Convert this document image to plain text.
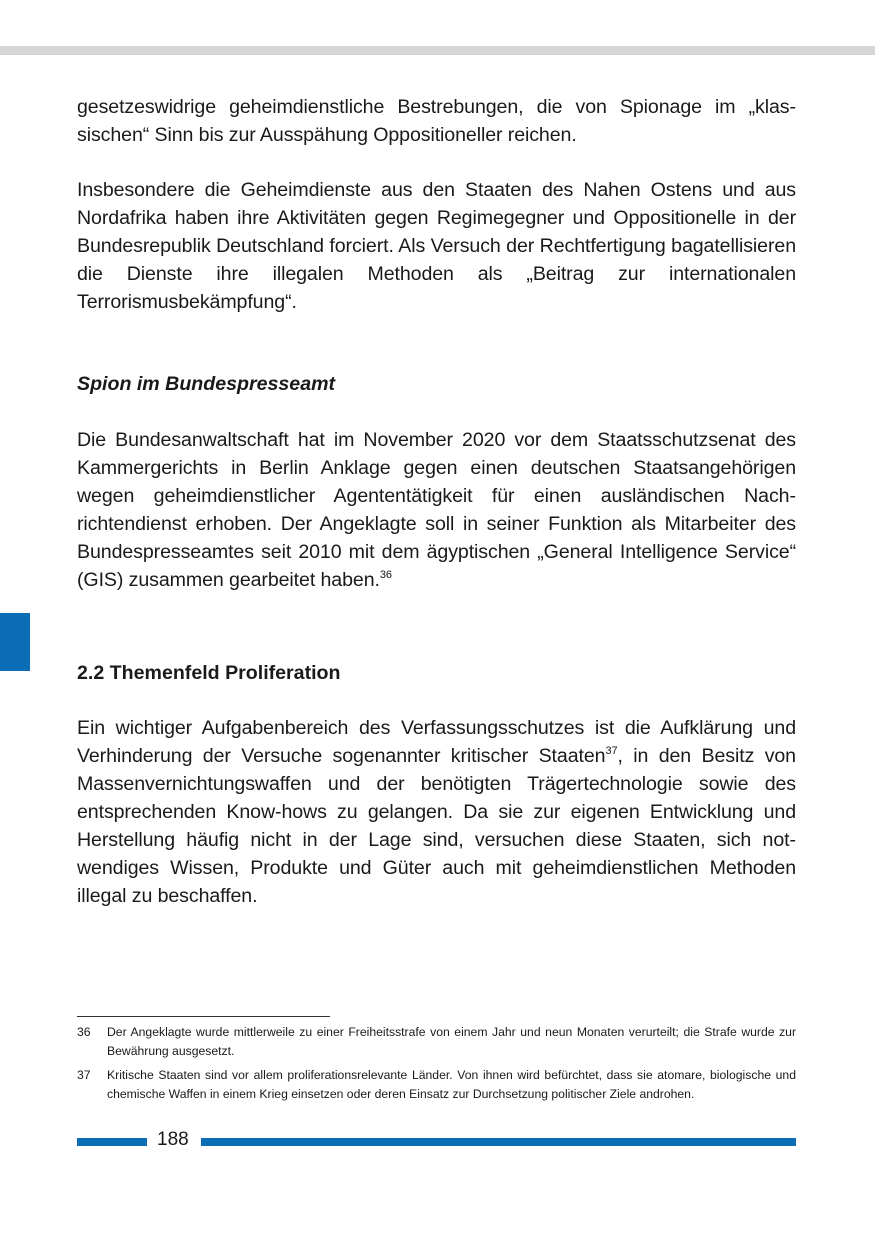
gesetzeswidrige geheimdienstliche Bestrebungen, die von Spionage im „klassischen“ Sinn bis zur Ausspähung Oppositioneller reichen.

Insbesondere die Geheimdienste aus den Staaten des Nahen Ostens und aus Nordafrika haben ihre Aktivitäten gegen Regimegegner und Oppositionelle in der Bundesrepublik Deutschland forciert. Als Versuch der Rechtfertigung bagatellisieren die Dienste ihre illegalen Methoden als „Beitrag zur internationalen Terrorismusbekämpfung“.

Spion im Bundespresseamt

Die Bundesanwaltschaft hat im November 2020 vor dem Staatsschutzsenat des Kammergerichts in Berlin Anklage gegen einen deutschen Staatsangehörigen wegen geheimdienstlicher Agententätigkeit für einen ausländischen Nachrichtendienst erhoben. Der Angeklagte soll in seiner Funktion als Mitarbeiter des Bundespresseamtes seit 2010 mit dem ägyptischen „General Intelligence Service“ (GIS) zusammen gearbeitet haben.$^{36}$

2.2 Themenfeld Proliferation

Ein wichtiger Aufgabenbereich des Verfassungsschutzes ist die Aufklärung und Verhinderung der Versuche sogenannter kritischer Staaten$^{37}$, in den Besitz von Massenvernichtungswaffen und der benötigten Trägertechnologie sowie des entsprechenden Know-hows zu gelangen. Da sie zur eigenen Entwicklung und Herstellung häufig nicht in der Lage sind, versuchen diese Staaten, sich notwendiges Wissen, Produkte und Güter auch mit geheimdienstlichen Methoden illegal zu beschaffen.

36	Der Angeklagte wurde mittlerweile zu einer Freiheitsstrafe von einem Jahr und neun Monaten verurteilt; die Strafe wurde zur Bewährung ausgesetzt.
37	Kritische Staaten sind vor allem proliferationsrelevante Länder. Von ihnen wird befürchtet, dass sie atomare, biologische und chemische Waffen in einem Krieg einsetzen oder deren Einsatz zur Durchsetzung politischer Ziele androhen.
188
